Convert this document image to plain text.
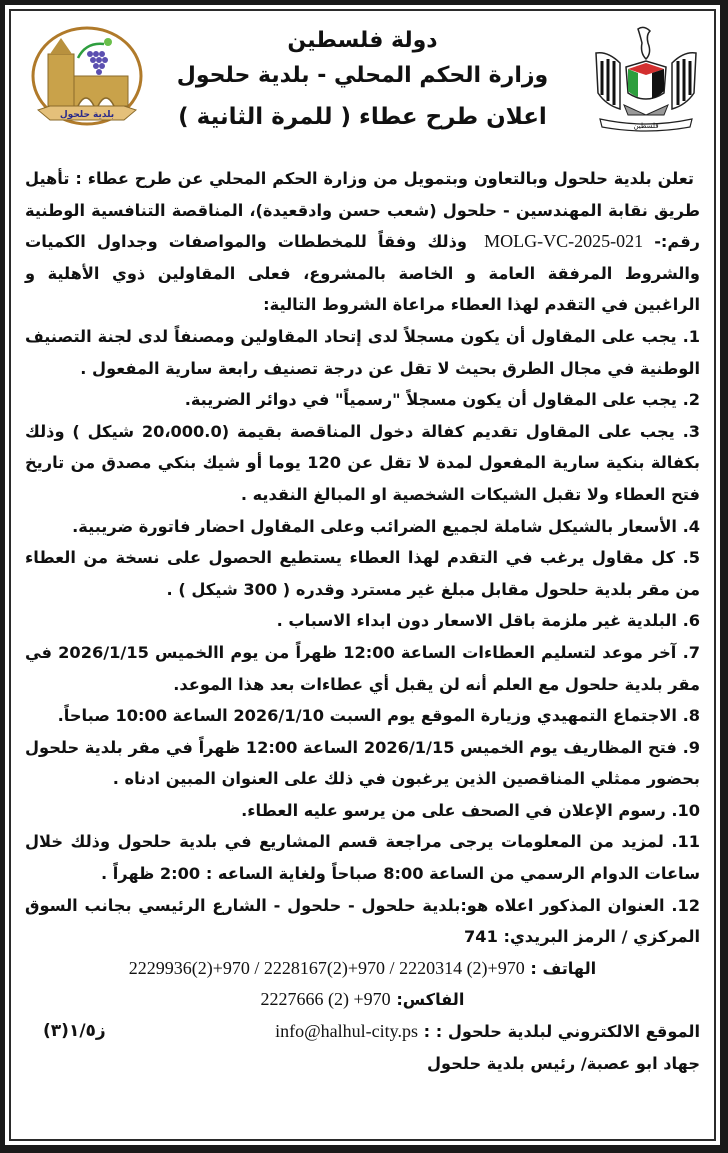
بلدية حلحول
دولة فلسطين
وزارة الحكم المحلي - بلدية حلحول
اعلان طرح عطاء ( للمرة الثانية )	فلسطين

تعلن بلدية حلحول وبالتعاون وبتمويل من وزارة الحكم المحلي عن طرح عطاء : تأهيل طريق نقابة المهندسين - حلحول (شعب حسن وادقعيدة)، المناقصة التنافسية الوطنية رقم:- MOLG-VC-2025-021 وذلك وفقاً للمخططات والمواصفات وجداول الكميات والشروط المرفقة العامة و الخاصة بالمشروع، فعلى المقاولين ذوي الأهلية و الراغبين في التقدم لهذا العطاء مراعاة الشروط التالية:

1. يجب على المقاول أن يكون مسجلاً لدى إتحاد المقاولين ومصنفاً لدى لجنة التصنيف الوطنية في مجال الطرق بحيث لا تقل عن درجة تصنيف رابعة سارية المفعول .

2. يجب على المقاول أن يكون مسجلاً "رسمياً" في دوائر الضريبة.

3. يجب على المقاول تقديم كفالة دخول المناقصة بقيمة (20،000.0 شيكل ) وذلك بكفالة بنكية سارية المفعول لمدة لا تقل عن 120 يوما أو شيك بنكي مصدق من تاريخ فتح العطاء ولا تقبل الشيكات الشخصية او المبالغ النقديه .

4. الأسعار بالشيكل شاملة لجميع الضرائب وعلى المقاول احضار فاتورة ضريبية.

5. كل مقاول يرغب في التقدم لهذا العطاء يستطيع الحصول على نسخة من العطاء من مقر بلدية حلحول مقابل مبلغ غير مسترد وقدره ( 300 شيكل ) .

6. البلدية غير ملزمة باقل الاسعار دون ابداء الاسباب .

7. آخر موعد لتسليم العطاءات الساعة 12:00 ظهراً من يوم االخميس 2026/1/15 في مقر بلدية حلحول مع العلم أنه لن يقبل أي عطاءات بعد هذا الموعد.

8. الاجتماع التمهيدي وزيارة الموقع يوم السبت 2026/1/10 الساعة 10:00 صباحاً.

9. فتح المظاريف يوم الخميس 2026/1/15 الساعة 12:00 ظهراً في مقر بلدية حلحول بحضور ممثلي المناقصين الذين يرغبون في ذلك على العنوان المبين ادناه .

10. رسوم الإعلان في الصحف على من يرسو عليه العطاء.

11. لمزيد من المعلومات يرجى مراجعة قسم المشاريع في بلدية حلحول وذلك خلال ساعات الدوام الرسمي من الساعة 8:00 صباحاً ولغاية الساعه : 2:00 ظهراً .

12. العنوان المذكور اعلاه هو:بلدية حلحول - حلحول - الشارع الرئيسي بجانب السوق المركزي / الرمز البريدي: 741

الهاتف : 2229936(2)+970 / 2228167(2)+970 / 2220314 (2)+970

الفاكس: 2227666 (2) +970

الموقع الالكتروني لبلدية حلحول : : info@halhul-city.ps
ز١/٥(٣)

جهاد ابو عصبة/ رئيس بلدية حلحول
